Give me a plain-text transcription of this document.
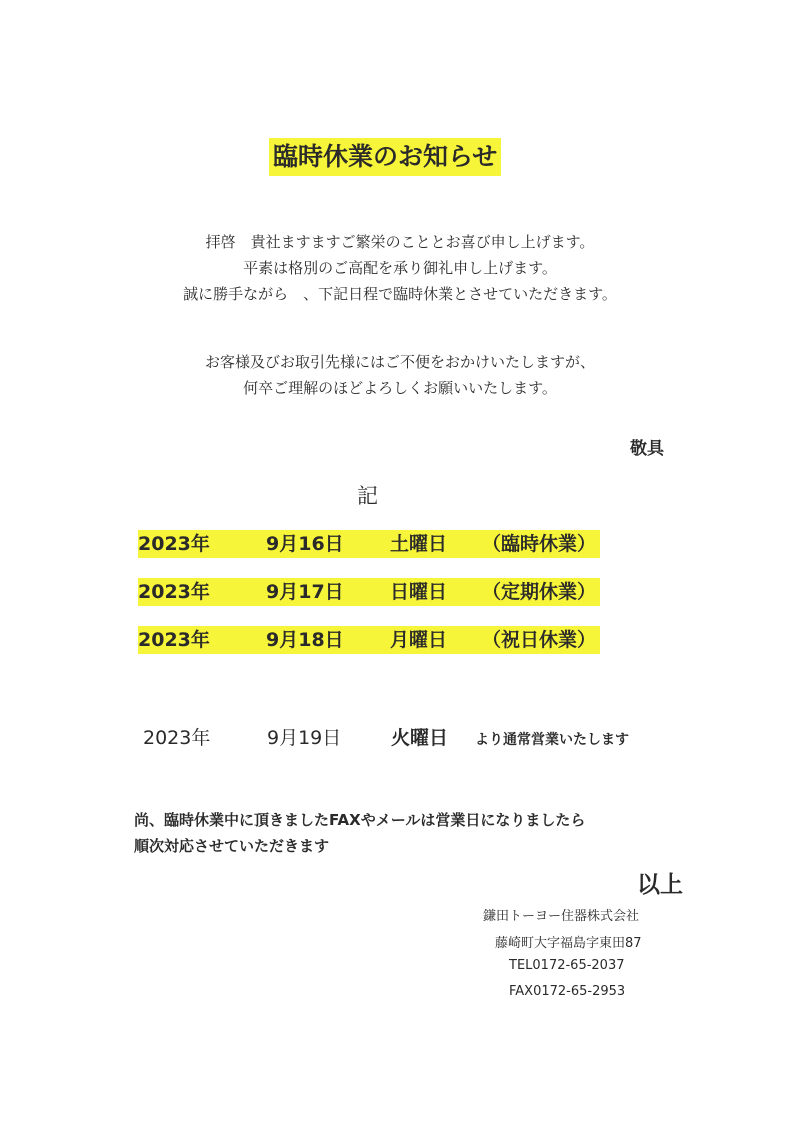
臨時休業のお知らせ
拝啓　貴社ますますご繁栄のこととお喜び申し上げます。
平素は格別のご高配を承り御礼申し上げます。
誠に勝手ながら　、下記日程で臨時休業とさせていただきます。
お客様及びお取引先様にはご不便をおかけいたしますが、
何卒ご理解のほどよろしくお願いいたします。
敬具
記
2023年	9月16日 土曜日 （臨時休業）
2023年	9月17日 日曜日 （定期休業）
2023年	9月18日 月曜日 （祝日休業）
2023年	9月19日	火曜日 より通常営業いたします
尚、臨時休業中に頂きましたFAXやメールは営業日になりましたら
順次対応させていただきます
以上
鎌田トーヨー住器株式会社
藤崎町大字福島字東田87
TEL0172-65-2037
FAX0172-65-2953
